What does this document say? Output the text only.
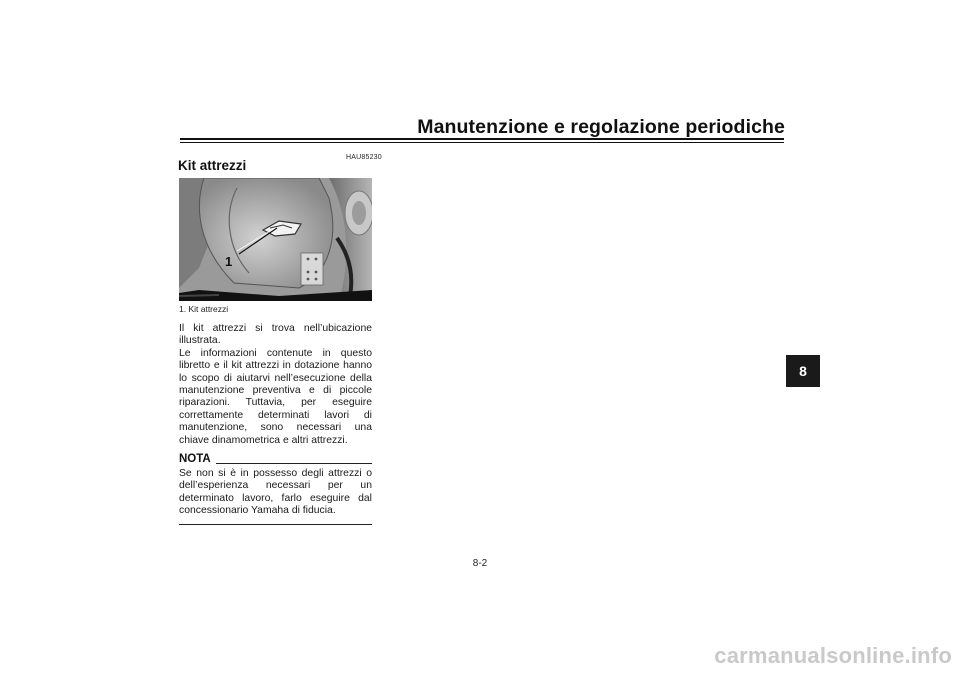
Manutenzione e regolazione periodiche
HAU85230
Kit attrezzi
1
1. Kit attrezzi

Il kit attrezzi si trova nell’ubicazione illustrata.

Le informazioni contenute in questo libretto e il kit attrezzi in dotazione hanno lo scopo di aiutarvi nell’esecuzione della manutenzione preventiva e di piccole riparazioni. Tuttavia, per eseguire correttamente determinati lavori di manutenzione, sono necessari una chiave dinamometrica e altri attrezzi.

NOTA
Se non si è in possesso degli attrezzi o dell’esperienza necessari per un determinato lavoro, farlo eseguire dal concessionario Yamaha di fiducia.
8
8-2
carmanualsonline.info
